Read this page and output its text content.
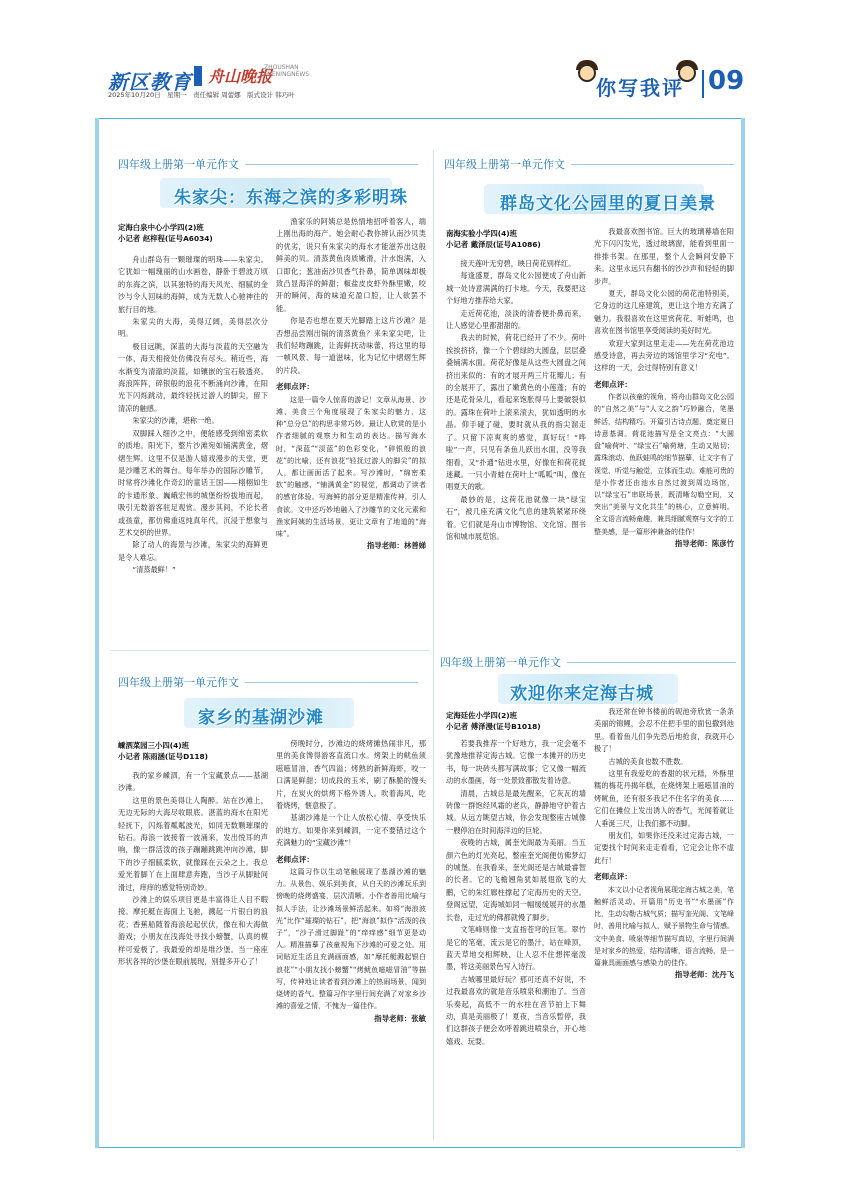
新区教育 舟山晚报
ZHOUSHAN EVENINGNEWS
2025年10月20日　星期一　责任编辑 周蕾娜　版式设计 韩巧叶	你写我评 09
四年级上册第一单元作文
朱家尖：东海之滨的多彩明珠
定海白泉中心小学四(2)班
小记者 赵梓程(证号A6034)

舟山群岛有一颗璀璨的明珠——朱家尖。它犹如一幅瑰丽的山水画卷，静卧于碧波万顷的东海之滨，以其独特的海天风光、细腻的金沙与令人回味的海鲜，成为无数人心驰神往的旅行目的地。

朱家尖的大海，美得辽阔，美得层次分明。

极目远眺，深蓝的大海与淡蓝的天空融为一体，海天相接处仿佛没有尽头。稍近些，海水渐变为清澈的淡蓝，如镶嵌的宝石般透亮。海浪阵阵，碎银般的浪花不断涌向沙滩，在阳光下闪烁跳动，最终轻抚过游人的脚尖，留下清凉的触感。

朱家尖的沙滩，堪称一绝。

双脚踩入细沙之中，便能感受到绵密柔软的质地。阳光下，整片沙滩宛如铺满黄金，熠熠生辉。这里不仅是游人嬉戏漫步的天堂，更是沙雕艺术的舞台。每年举办的国际沙雕节，时常将沙滩化作奇幻的童话王国——栩栩如生的卡通形象、巍峨宏伟的城堡纷纷拔地而起，吸引无数游客驻足观赏。漫步其间，不论长者或孩童，都仿佛重返纯真年代，沉浸于想象与艺术交织的世界。

除了动人的海景与沙滩，朱家尖的海鲜更是令人难忘。

“清蒸最鲜！”

渔家乐的阿姨总是热情地招呼着客人，端上刚出海的海产。她会耐心教你辨认南沙贝类的优劣，说只有朱家尖的海水才能滋养出这般鲜美的贝。清蒸黄鱼肉质嫩滑，汁水饱满，入口即化；葱油南沙贝香气扑鼻，简单调味却极致凸显海洋的鲜甜；椒盐皮皮虾外酥里嫩，咬开的瞬间，海的味道充盈口腔，让人欲罢不能。

你是否也想在夏天光脚踏上这片沙滩？是否想品尝刚出锅的清蒸黄鱼？来朱家尖吧，让我们轻吻蹦跳，让海鲜抚动味蕾，将这里的每一帧风景、每一道滋味，化为记忆中熠熠生辉的片段。

老师点评：

这是一篇令人惊喜的游记！文章从海景、沙滩、美食三个角度展现了朱家尖的魅力，这种“总分总”的构思非常巧妙。最让人欣赏的是小作者细腻的观察力和生动的表达。描写海水时，“深蓝”“淡蓝”的色彩变化，“碎银般的浪花”的比喻，还有浪花“轻抚过游人的脚尖”的拟人，都让画面活了起来。写沙滩时，“绵密柔软”的触感、“铺满黄金”的视觉，都调动了读者的感官体验。写海鲜的部分更是精准传神，引人食欲。文中还巧妙地融入了沙雕节的文化元素和渔家阿姨的生活场景，更让文章有了地道的“海味”。

指导老师：林善娣
四年级上册第一单元作文
群岛文化公园里的夏日美景
南海实验小学四(4)班
小记者 戴泽辰(证号A1086)

接天莲叶无穷碧，映日荷花别样红。

每逢盛夏，群岛文化公园便成了舟山新城一处诗意满满的打卡地。今天，我要把这个好地方推荐给大家。

走近荷花池，淡淡的清香便扑鼻而来，让人感觉心里都甜甜的。

我去的时候，荷花已经开了不少。荷叶挨挨挤挤，像一个个碧绿的大圆盘，层层叠叠铺满水面。荷花好像是从这些大圆盘之间挤出来似的：有的才展开两三片花瓣儿；有的全展开了，露出了嫩黄色的小莲蓬；有的还是花骨朵儿，看起来饱胀得马上要破裂似的。露珠在荷叶上滚来滚去，犹如透明的水晶。仰手碰了碰，要时就从我的指尖溜走了。只留下凉爽爽的感觉，真好玩！“哗啦”一声，只见有条鱼儿跃出水面，没等我细看，又“扑通”钻进水里，好像在和荷花捉迷藏。一只小青蛙在荷叶上“呱呱”叫，像在唱夏天的歌。

最妙的是，这荷花池就像一块“绿宝石”，被几座充满文化气息的建筑紧紧环绕着。它们就是舟山市博物馆、文化馆、图书馆和城市展览馆。

我最喜欢图书馆。巨大的玻璃幕墙在阳光下闪闪发光，透过玻璃窗，能看到里面一排排书架。在那里，整个人会瞬间安静下来。这里永远只有翻书的沙沙声和轻轻的脚步声。

夏天，群岛文化公园的荷花池特别美，它身边的这几座建筑，更让这个地方充满了魅力。我很喜欢在这里赏荷花、听蛙鸣，也喜欢在图书馆里享受阅读的美好时光。

欢迎大家到这里走走——先在荷花池边感受诗意，再去旁边的场馆里学习“充电”。这样的一天，会过得特别有意义！

老师点评：

作者以孩童的视角，将舟山群岛文化公园的“自然之美”与“人文之韵”巧妙融合，笔墨鲜活，结构精巧。开篇引古诗点题，奠定夏日诗意基调。荷花池描写是全文亮点：“大圆盘”喻荷叶、“绿宝石”喻荷塘，生动又贴切；露珠滚动、鱼跃蛙鸣的细节描摹，让文字有了视觉、听觉与触觉，立体而生动。难能可贵的是小作者还由池水自然过渡到周边场馆，以“绿宝石”串联场景，既清晰勾勒空间，又突出“美景与文化共生”的核心，立意鲜明。全文语言流畅童趣，兼具细腻观察与文字的工整美感，是一篇形神兼备的佳作！

指导老师：陈彦竹
四年级上册第一单元作文
家乡的基湖沙滩
嵊泗菜园三小四(4)班
小记者 陈雨涵(证号D118)

我的家乡嵊泗，有一个宝藏景点——基湖沙滩。

这里的景色美得让人陶醉。站在沙滩上，无边无际的大海尽收眼底。湛蓝的海水在阳光轻抚下，闪烁着粼粼波光，如同无数颗璀璨的钻石。海浪一波接着一波涌来，发出悦耳的声响，像一群活泼的孩子蹦蹦跳跳冲向沙滩，脚下的沙子细腻柔软，就像踩在云朵之上。我总爱光着脚丫在上面肆意奔跑，当沙子从脚趾间滑过，痒痒的感觉特别奇妙。

沙滩上的娱乐项目更是丰富得让人目不暇接。摩托艇在海面上飞驰，溅起一片银白的浪花；香蕉船随着海浪起起伏伏，像在和大海做游戏；小朋友在浅海处寻找小螃蟹，认真的模样可爱极了。我最爱的却是堆沙堡。当一座座形状各异的沙堡在眼前展现，别提多开心了！

傍晚时分，沙滩边的烧烤摊热闹非凡，那里的美食馋得游客直流口水。烤架上的鱿鱼须嗞嗞冒油，香气四溢；烤熟的新鲜海虾，咬一口满是鲜甜；切成段的玉米，刷了酥脆的馒头片，在炭火的烘烤下格外诱人。吹着海风，吃着烧烤，惬意极了。

基湖沙滩是一个让人放松心情、享受快乐的地方。如果你来到嵊泗，一定不要错过这个充满魅力的“宝藏沙滩”！

老师点评：

这篇习作以生动笔触展现了基湖沙滩的魅力。从景色、娱乐到美食，从白天的沙滩玩乐到傍晚的烧烤盛宴，层次清晰。小作者善用比喻与拟人手法，让沙滩场景鲜活起来。如将“海浪波光”比作“璀璨的钻石”，把“海浪”拟作“活泼的孩子”，“沙子滑过脚趾”的“痒痒感”细节更是动人。精准描摹了孩童视角下沙滩的可爱之处。用词贴近生活且充满画面感，如“摩托艇溅起银白浪花”“小朋友找小螃蟹”“烤鱿鱼嗞嗞冒油”等描写，传神地让读者看到沙滩上的热闹场景，闻到烧烤的香气。整篇习作字里行间充满了对家乡沙滩的喜爱之情，不愧为一篇佳作。

指导老师：张敏
四年级上册第一单元作文
欢迎你来定海古城
定海廷佐小学四(2)班
小记者 傅泽漫(证号B1018)

若要我推荐一个好地方，我一定会毫不犹豫地推荐定海古城。它像一本摊开的历史书，每一块砖头都写满故事；它又像一幅流动的水墨画，每一处景致都散发着诗意。

清晨，古城总是最先醒来，它灰瓦的墙砖像一群饱经风霜的老兵，静静地守护着古城。从远方眺望古城，你会发现整座古城像一艘停泊在时间海洋边的巨轮。

夜晚的古城，属奎光阁最为美丽。当五颜六色的灯光亮起，整座奎光阁便仿佛梦幻的城堡。在我看来，奎光阁还是古城最睿智的长者。它的飞檐翘角犹如展翅欲飞的大鹏，它的朱红廊柱撑起了定海历史的天空。登阁远望，定海城如同一幅缓缓展开的水墨长卷，走过光的佛都就慢了脚步。

文笔峰则像一支直指苍穹的巨笔。翠竹是它的笔毫，流云是它的墨汁，站在峰顶，蓝天草地交相辉映，让人忍不住想挥毫泼墨，将这美丽景色写入诗行。

古城哪里最好玩？那可还真不好说，不过我最喜欢的就是音乐喷泉和潮池了。当音乐奏起，高低不一的水柱在音节拍上下舞动，真是美丽极了！夏夜，当音乐暂停，我们这群孩子便会欢呼着跳进喷泉台，开心地嬉戏、玩耍。

我还常在钟书楼前的砚池旁欣赏一条条美丽的锦鲤，会忍不住把手里的面包撒到池里。看着鱼儿们争先恐后地抢食，我就开心极了！

古城的美食也数不胜数。

这里有我爱吃的香甜的状元糕，外酥里糯的梅花丹揭年糕，在烧烤架上嗞嗞冒油的烤鱿鱼，还有很多我记不住名字的美食……它们在摊位上发出诱人的香气，光闻着就让人垂涎三尺，让我们挪不动脚。

朋友们，如果你还没来过定海古城，一定要找个时间来走走看看，它定会让你不虚此行！

老师点评：

本文以小记者视角展现定海古城之美，笔触鲜活灵动。开篇用“历史书”“水墨画”作比，生动勾勒古城气质；描写奎光阁、文笔峰时，善用比喻与拟人，赋予景物生命与情感。文中美食、喷泉等细节描写真切，字里行间满是对家乡的热爱，结构清晰，语言流畅，是一篇兼具画面感与感染力的佳作。

指导老师：沈丹飞
